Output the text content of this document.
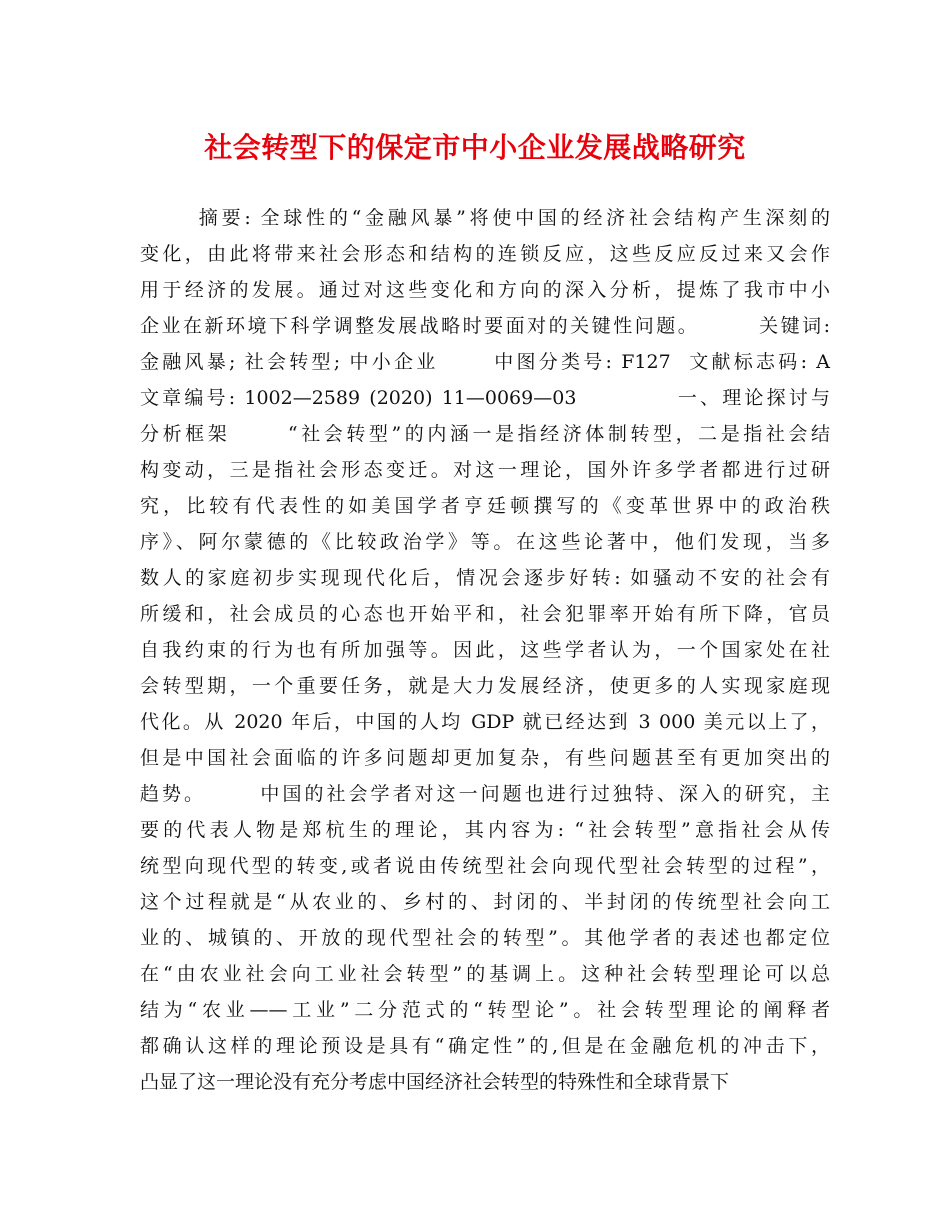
社会转型下的保定市中小企业发展战略研究
摘要: 全球性的“金融风暴”将使中国的经济社会结构产生深刻的
变化，由此将带来社会形态和结构的连锁反应，这些反应反过来又会作
用于经济的发展。通过对这些变化和方向的深入分析，提炼了我市中小
企业在新环境下科学调整发展战略时要面对的关键性问题。       关键词:
金融风暴; 社会转型; 中小企业      中图分类号: F127  文献标志码: A
文章编号: 1002—2589 (2020) 11—0069—03           一、理论探讨与
分析框架      “社会转型”的内涵一是指经济体制转型，二是指社会结
构变动，三是指社会形态变迁。对这一理论，国外许多学者都进行过研
究，比较有代表性的如美国学者亨廷顿撰写的《变革世界中的政治秩
序》、阿尔蒙德的《比较政治学》等。在这些论著中，他们发现，当多
数人的家庭初步实现现代化后，情况会逐步好转: 如骚动不安的社会有
所缓和，社会成员的心态也开始平和，社会犯罪率开始有所下降，官员
自我约束的行为也有所加强等。因此，这些学者认为，一个国家处在社
会转型期，一个重要任务，就是大力发展经济，使更多的人实现家庭现
代化。从 2020 年后，中国的人均 GDP 就已经达到 3 000 美元以上了，
但是中国社会面临的许多问题却更加复杂，有些问题甚至有更加突出的
趋势。      中国的社会学者对这一问题也进行过独特、深入的研究，主
要的代表人物是郑杭生的理论，其内容为: “社会转型”意指社会从传
统型向现代型的转变,或者说由传统型社会向现代型社会转型的过程”，
这个过程就是“从农业的、乡村的、封闭的、半封闭的传统型社会向工
业的、城镇的、开放的现代型社会的转型”。其他学者的表述也都定位
在“由农业社会向工业社会转型”的基调上。这种社会转型理论可以总
结为“农业——工业”二分范式的“转型论”。社会转型理论的阐释者
都确认这样的理论预设是具有“确定性”的,但是在金融危机的冲击下，
凸显了这一理论没有充分考虑中国经济社会转型的特殊性和全球背景下
